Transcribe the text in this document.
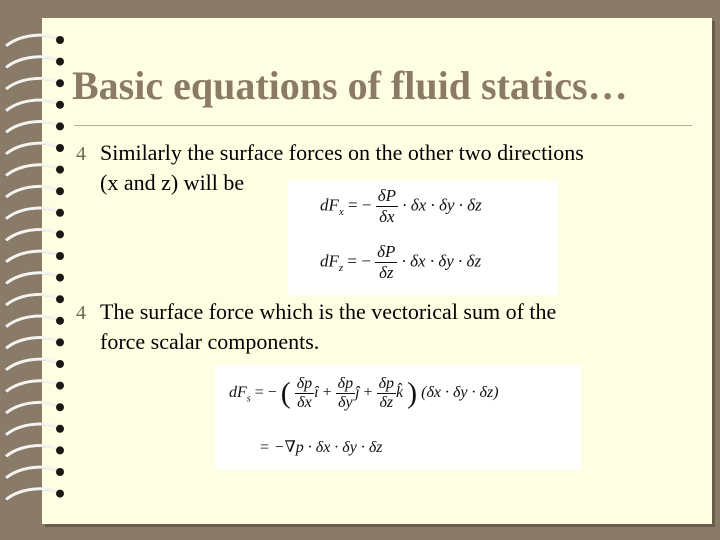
Basic equations of fluid statics…
4 Similarly the surface forces on the other two directions
(x and z) will be
$dF_x$ = − $\frac{\delta P}{\delta x} \cdot \delta x \cdot \delta y \cdot \delta z$
$dF_z$ = − $\frac{\delta P}{\delta z} \cdot \delta x \cdot \delta y \cdot \delta z$
4 The surface force which is the vectorical sum of the
force scalar components.
$dF_s$ = − ( $\frac{\delta p}{\delta x}$ î + $\frac{\delta p}{\delta y}$ ĵ + $\frac{\delta p}{\delta z}$ k̂ ) (δx · δy · δz)
= −∇p · δx · δy · δz
